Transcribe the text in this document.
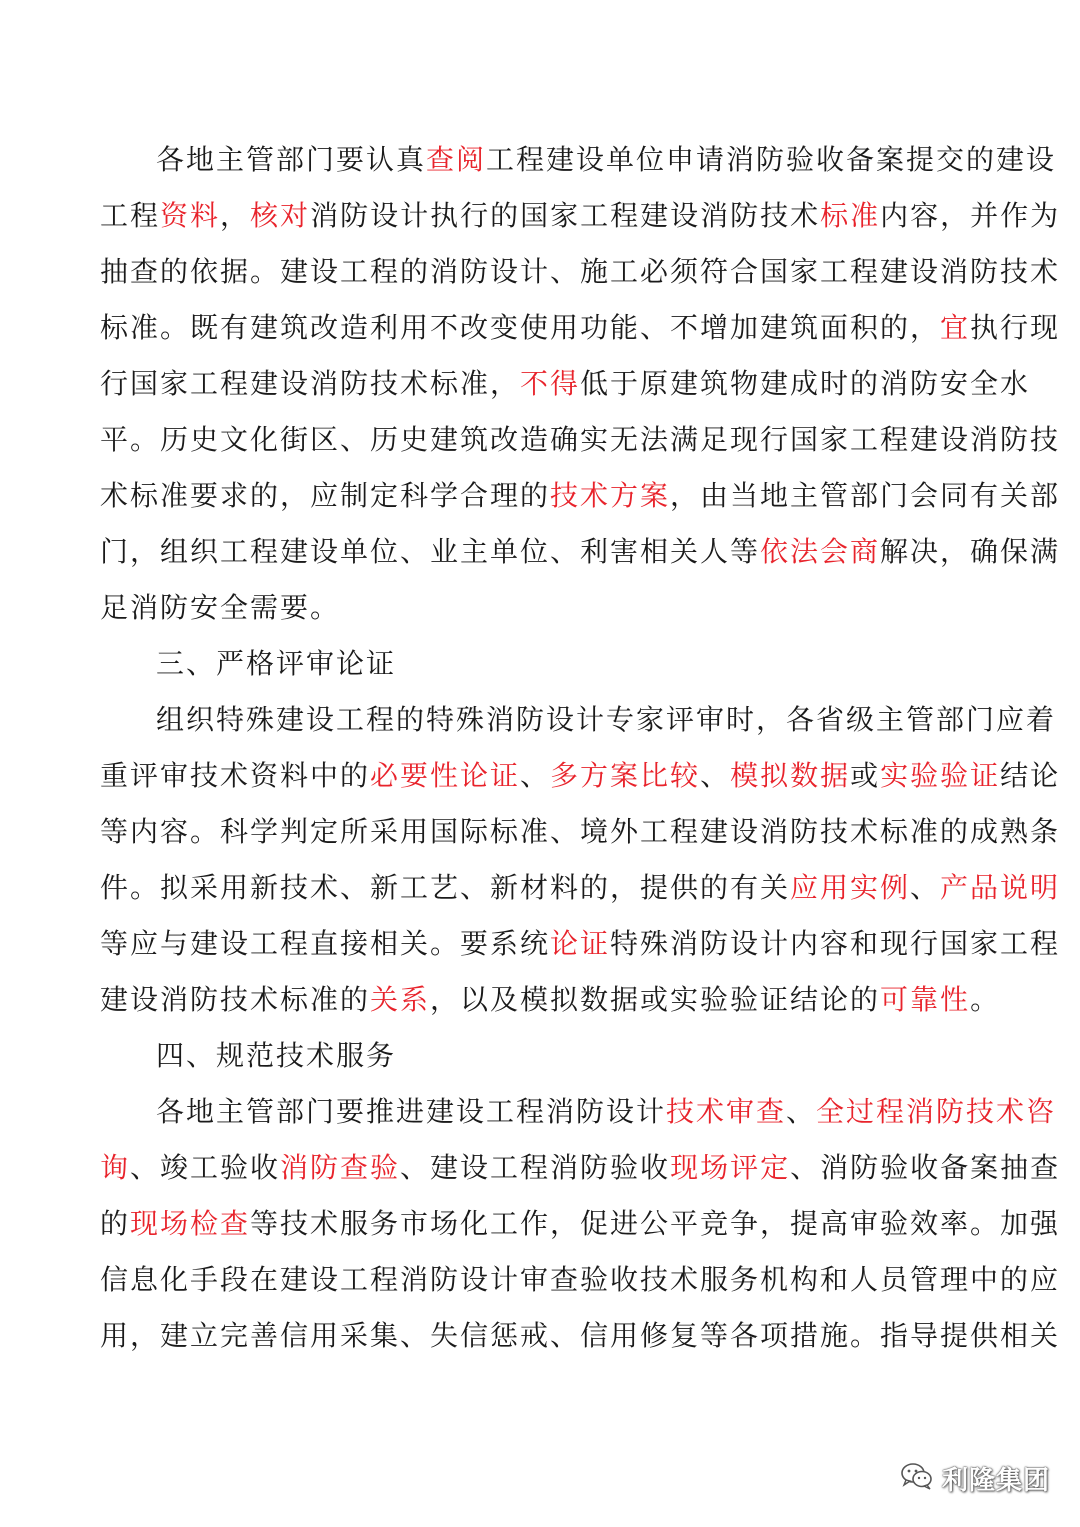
各地主管部门要认真查阅工程建设单位申请消防验收备案提交的建设
工程资料，核对消防设计执行的国家工程建设消防技术标准内容，并作为
抽查的依据。建设工程的消防设计、施工必须符合国家工程建设消防技术
标准。既有建筑改造利用不改变使用功能、不增加建筑面积的，宜执行现
行国家工程建设消防技术标准，不得低于原建筑物建成时的消防安全水
平。历史文化街区、历史建筑改造确实无法满足现行国家工程建设消防技
术标准要求的，应制定科学合理的技术方案，由当地主管部门会同有关部
门，组织工程建设单位、业主单位、利害相关人等依法会商解决，确保满
足消防安全需要。
三、严格评审论证
组织特殊建设工程的特殊消防设计专家评审时，各省级主管部门应着
重评审技术资料中的必要性论证、多方案比较、模拟数据或实验验证结论
等内容。科学判定所采用国际标准、境外工程建设消防技术标准的成熟条
件。拟采用新技术、新工艺、新材料的，提供的有关应用实例、产品说明
等应与建设工程直接相关。要系统论证特殊消防设计内容和现行国家工程
建设消防技术标准的关系，以及模拟数据或实验验证结论的可靠性。
四、规范技术服务
各地主管部门要推进建设工程消防设计技术审查、全过程消防技术咨
询、竣工验收消防查验、建设工程消防验收现场评定、消防验收备案抽查
的现场检查等技术服务市场化工作，促进公平竞争，提高审验效率。加强
信息化手段在建设工程消防设计审查验收技术服务机构和人员管理中的应
用，建立完善信用采集、失信惩戒、信用修复等各项措施。指导提供相关
利隆集团
